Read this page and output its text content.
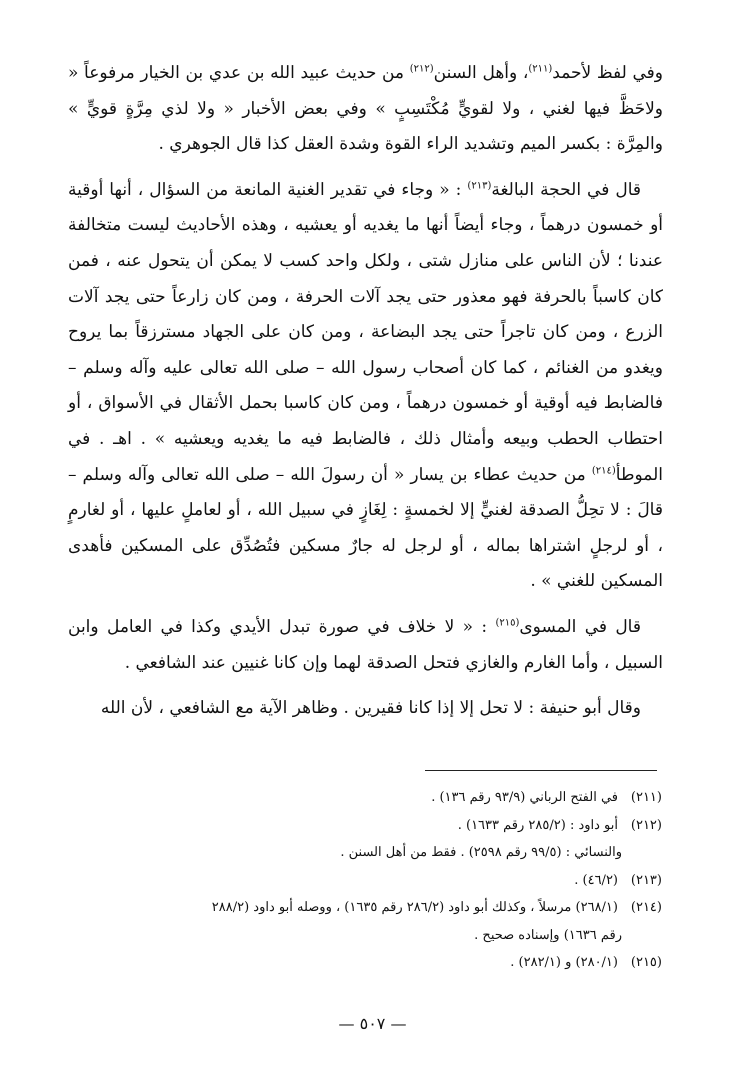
وفي لفظ لأحمد$^{(٢١١)}$، وأهل السنن$^{(٢١٢)}$ من حديث عبيد الله بن عدي بن الخيار مرفوعاً « ولاحَظَّ فيها لغني ، ولا لقويٍّ مُكْتَسِبٍ » وفي بعض الأخبار « ولا لذي مِرَّةٍ قويٍّ » والمِرَّة : بكسر الميم وتشديد الراء القوة وشدة العقل كذا قال الجوهري .

قال في الحجة البالغة$^{(٢١٣)}$ : « وجاء في تقدير الغنية المانعة من السؤال ، أنها أوقية أو خمسون درهماً ، وجاء أيضاً أنها ما يغديه أو يعشيه ، وهذه الأحاديث ليست متخالفة عندنا ؛ لأن الناس على منازل شتى ، ولكل واحد كسب لا يمكن أن يتحول عنه ، فمن كان كاسباً بالحرفة فهو معذور حتى يجد آلات الحرفة ، ومن كان زارعاً حتى يجد آلات الزرع ، ومن كان تاجراً حتى يجد البضاعة ، ومن كان على الجهاد مسترزقاً بما يروح ويغدو من الغنائم ، كما كان أصحاب رسول الله – صلى الله تعالى عليه وآله وسلم – فالضابط فيه أوقية أو خمسون درهماً ، ومن كان كاسبا بحمل الأثقال في الأسواق ، أو احتطاب الحطب وبيعه وأمثال ذلك ، فالضابط فيه ما يغديه ويعشيه » . اهـ . في الموطأ$^{(٢١٤)}$ من حديث عطاء بن يسار « أن رسولَ الله – صلى الله تعالى وآله وسلم – قالَ : لا تحِلُّ الصدقة لغنيٍّ إلا لخمسةٍ : لِغَازٍ في سبيل الله ، أو لعاملٍ عليها ، أو لغارمٍ ، أو لرجلٍ اشتراها بماله ، أو لرجل له جارٌ مسكين فتُصُدِّق على المسكين فأهدى المسكين للغني » .

قال في المسوى$^{(٢١٥)}$ : « لا خلاف في صورة تبدل الأيدي وكذا في العامل وابن السبيل ، وأما الغارم والغازي فتحل الصدقة لهما وإن كانا غنيين عند الشافعي .

وقال أبو حنيفة : لا تحل إلا إذا كانا فقيرين . وظاهر الآية مع الشافعي ، لأن الله

(٢١١)في الفتح الرباني (٩٣/٩ رقم ١٣٦) .

(٢١٢)أبو داود : (٢٨٥/٢ رقم ١٦٣٣) .

والنسائي : (٩٩/٥ رقم ٢٥٩٨) . فقط من أهل السنن .

(٢١٣)(٤٦/٢) .

(٢١٤)(٢٦٨/١) مرسلاً ، وكذلك أبو داود (٢٨٦/٢ رقم ١٦٣٥) ، ووصله أبو داود (٢٨٨/٢

رقم ١٦٣٦) وإسناده صحيح .

(٢١٥)(٢٨٠/١) و (٢٨٢/١) .

— ٥٠٧ —
